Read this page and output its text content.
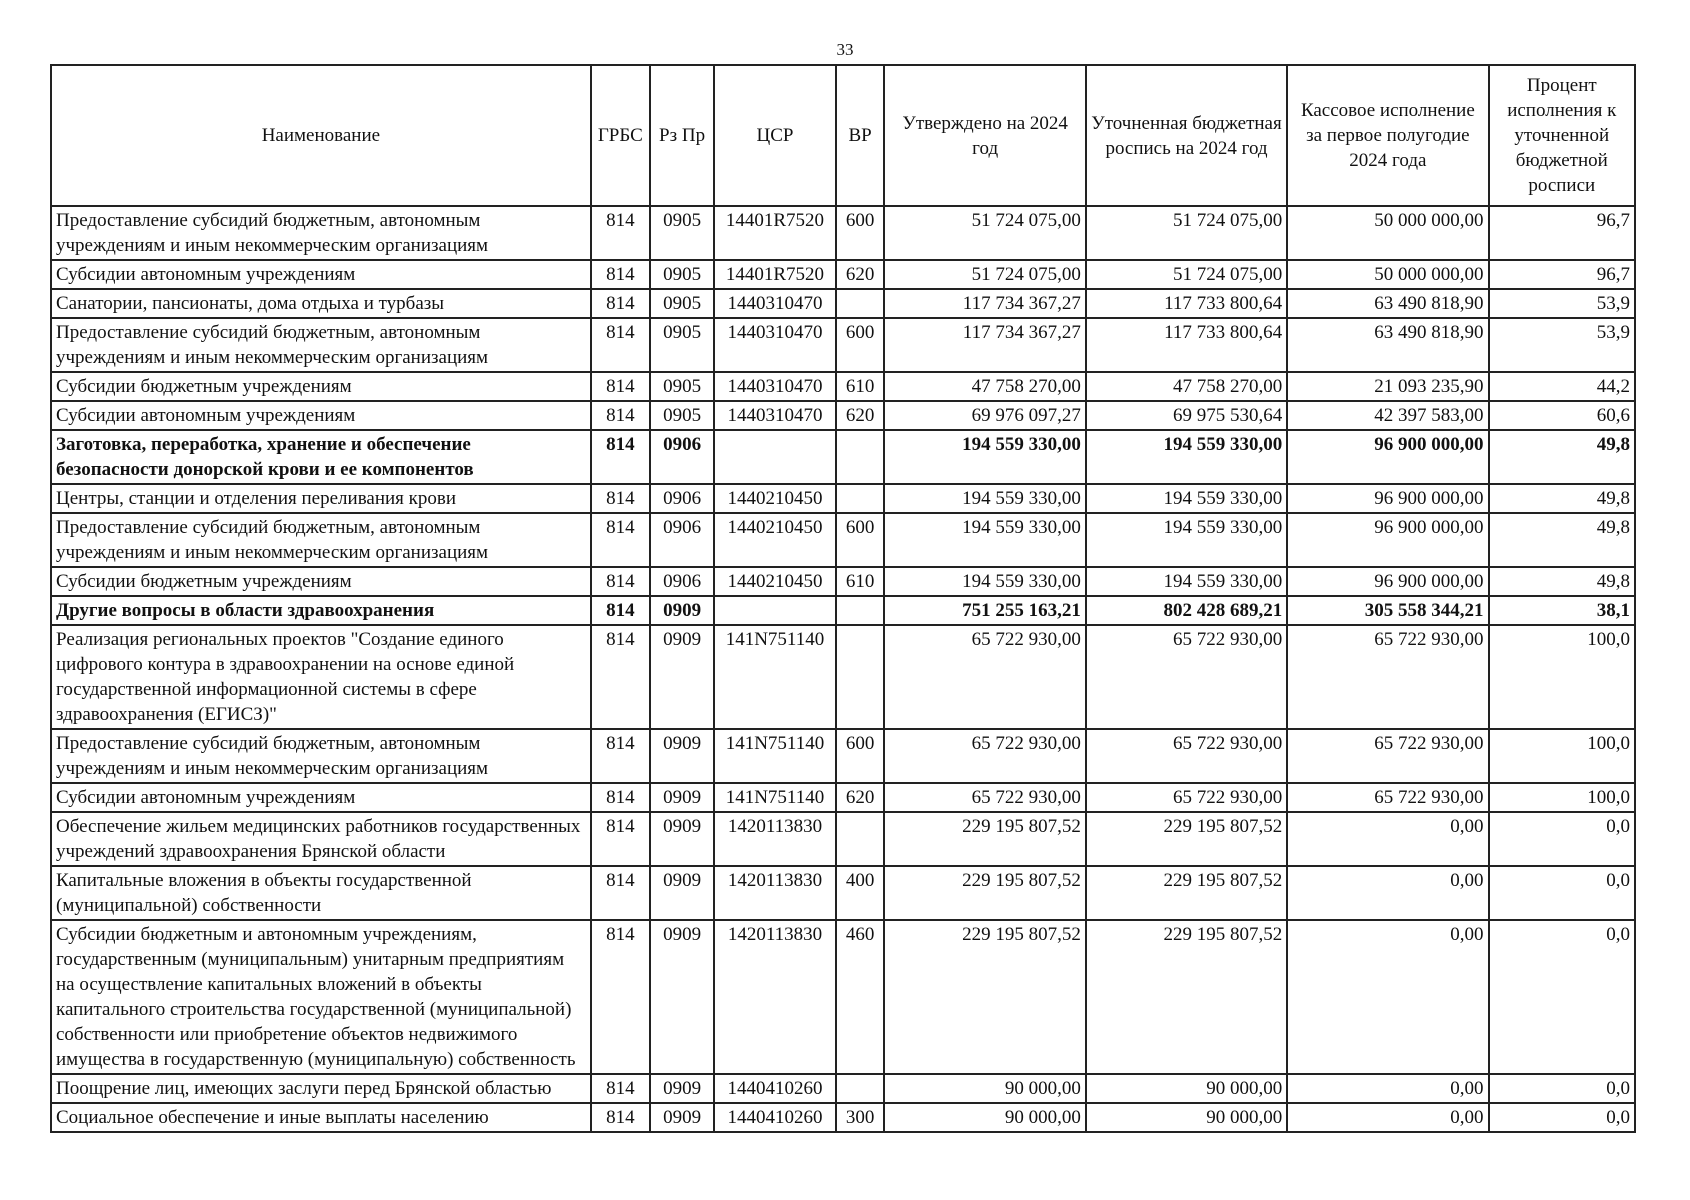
33
Наименование	ГРБС	Рз Пр	ЦСР	ВР	Утверждено на 2024 год	Уточненная бюджетная роспись на 2024 год	Кассовое исполнение за первое полугодие 2024 года	Процент исполнения к уточненной бюджетной росписи
Предоставление субсидий бюджетным, автономным учреждениям и иным некоммерческим организациям	814	0905	14401R7520	600	51 724 075,00	51 724 075,00	50 000 000,00	96,7
Субсидии автономным учреждениям	814	0905	14401R7520	620	51 724 075,00	51 724 075,00	50 000 000,00	96,7
Санатории, пансионаты, дома отдыха и турбазы	814	0905	1440310470		117 734 367,27	117 733 800,64	63 490 818,90	53,9
Предоставление субсидий бюджетным, автономным учреждениям и иным некоммерческим организациям	814	0905	1440310470	600	117 734 367,27	117 733 800,64	63 490 818,90	53,9
Субсидии бюджетным учреждениям	814	0905	1440310470	610	47 758 270,00	47 758 270,00	21 093 235,90	44,2
Субсидии автономным учреждениям	814	0905	1440310470	620	69 976 097,27	69 975 530,64	42 397 583,00	60,6
Заготовка, переработка, хранение и обеспечение безопасности донорской крови и ее компонентов	814	0906			194 559 330,00	194 559 330,00	96 900 000,00	49,8
Центры, станции и отделения переливания крови	814	0906	1440210450		194 559 330,00	194 559 330,00	96 900 000,00	49,8
Предоставление субсидий бюджетным, автономным учреждениям и иным некоммерческим организациям	814	0906	1440210450	600	194 559 330,00	194 559 330,00	96 900 000,00	49,8
Субсидии бюджетным учреждениям	814	0906	1440210450	610	194 559 330,00	194 559 330,00	96 900 000,00	49,8
Другие вопросы в области здравоохранения	814	0909			751 255 163,21	802 428 689,21	305 558 344,21	38,1
Реализация региональных проектов "Создание единого цифрового контура в здравоохранении на основе единой государственной информационной системы в сфере здравоохранения (ЕГИСЗ)"	814	0909	141N751140		65 722 930,00	65 722 930,00	65 722 930,00	100,0
Предоставление субсидий бюджетным, автономным учреждениям и иным некоммерческим организациям	814	0909	141N751140	600	65 722 930,00	65 722 930,00	65 722 930,00	100,0
Субсидии автономным учреждениям	814	0909	141N751140	620	65 722 930,00	65 722 930,00	65 722 930,00	100,0
Обеспечение жильем медицинских работников государственных учреждений здравоохранения Брянской области	814	0909	1420113830		229 195 807,52	229 195 807,52	0,00	0,0
Капитальные вложения в объекты государственной (муниципальной) собственности	814	0909	1420113830	400	229 195 807,52	229 195 807,52	0,00	0,0
Субсидии бюджетным и автономным учреждениям, государственным (муниципальным) унитарным предприятиям на осуществление капитальных вложений в объекты капитального строительства государственной (муниципальной) собственности или приобретение объектов недвижимого имущества в государственную (муниципальную) собственность	814	0909	1420113830	460	229 195 807,52	229 195 807,52	0,00	0,0
Поощрение лиц, имеющих заслуги перед Брянской областью	814	0909	1440410260		90 000,00	90 000,00	0,00	0,0
Социальное обеспечение и иные выплаты населению	814	0909	1440410260	300	90 000,00	90 000,00	0,00	0,0
